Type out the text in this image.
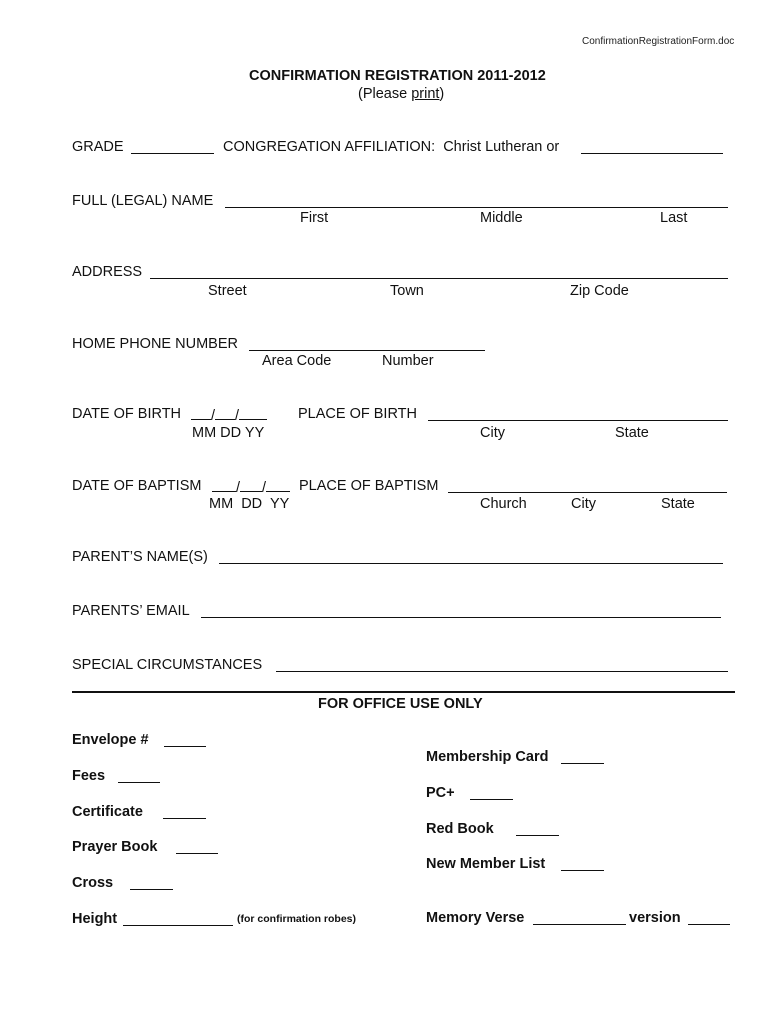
ConfirmationRegistrationForm.doc
CONFIRMATION REGISTRATION 2011-2012
(Please print)
GRADE	CONGREGATION AFFILIATION:  Christ Lutheran or
FULL (LEGAL) NAME
First	Middle	Last
ADDRESS
Street	Town	Zip Code
HOME PHONE NUMBER
Area Code	Number
DATE OF BIRTH	/ /
MM DD YY
PLACE OF BIRTH
City	State
DATE OF BAPTISM	/ /
MM  DD  YY
PLACE OF BAPTISM
Church	City	State
PARENT’S NAME(S)
PARENTS’ EMAIL
SPECIAL CIRCUMSTANCES
FOR OFFICE USE ONLY
Envelope #
Fees
Certificate
Prayer Book
Cross
Height	(for confirmation robes)
Membership Card
PC+
Red Book
New Member List
Memory Verse	version
